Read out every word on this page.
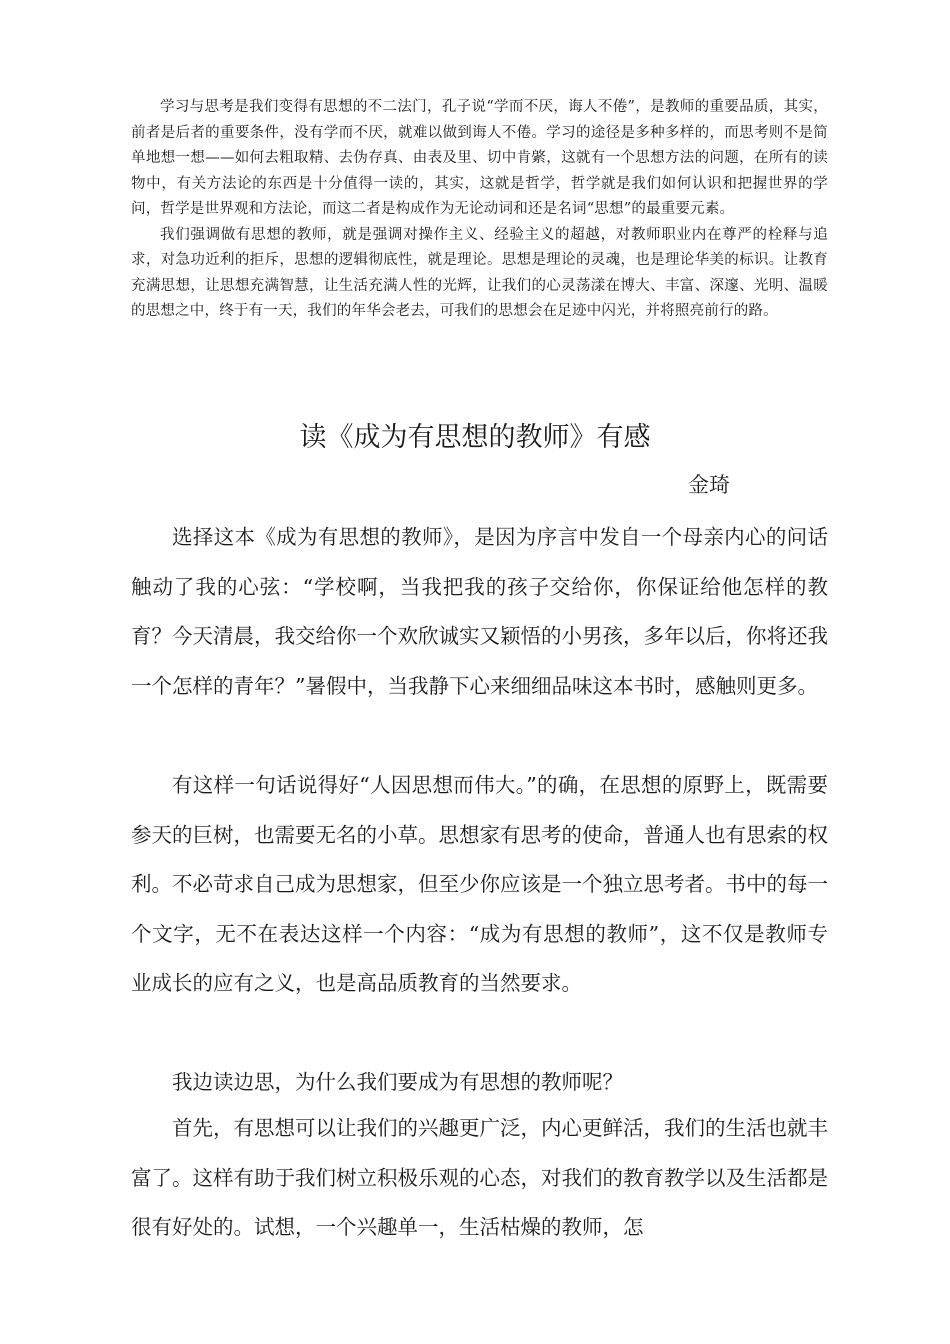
学习与思考是我们变得有思想的不二法门，孔子说“学而不厌，诲人不倦”，是教师的重要品质，其实，前者是后者的重要条件，没有学而不厌，就难以做到诲人不倦。学习的途径是多种多样的，而思考则不是简单地想一想——如何去粗取精、去伪存真、由表及里、切中肯綮，这就有一个思想方法的问题，在所有的读物中，有关方法论的东西是十分值得一读的，其实，这就是哲学，哲学就是我们如何认识和把握世界的学问，哲学是世界观和方法论，而这二者是构成作为无论动词和还是名词“思想”的最重要元素。

我们强调做有思想的教师，就是强调对操作主义、经验主义的超越，对教师职业内在尊严的栓释与追求，对急功近利的拒斥，思想的逻辑彻底性，就是理论。思想是理论的灵魂，也是理论华美的标识。让教育充满思想，让思想充满智慧，让生活充满人性的光辉，让我们的心灵荡漾在博大、丰富、深邃、光明、温暖的思想之中，终于有一天，我们的年华会老去，可我们的思想会在足迹中闪光，并将照亮前行的路。

读《成为有思想的教师》有感

金琦

选择这本《成为有思想的教师》，是因为序言中发自一个母亲内心的问话触动了我的心弦：“学校啊，当我把我的孩子交给你，你保证给他怎样的教育？今天清晨，我交给你一个欢欣诚实又颖悟的小男孩，多年以后，你将还我一个怎样的青年？”暑假中，当我静下心来细细品味这本书时，感触则更多。

有这样一句话说得好“人因思想而伟大。”的确，在思想的原野上，既需要参天的巨树，也需要无名的小草。思想家有思考的使命，普通人也有思索的权利。不必苛求自己成为思想家，但至少你应该是一个独立思考者。书中的每一个文字，无不在表达这样一个内容：“成为有思想的教师”，这不仅是教师专业成长的应有之义，也是高品质教育的当然要求。

我边读边思，为什么我们要成为有思想的教师呢？

首先，有思想可以让我们的兴趣更广泛，内心更鲜活，我们的生活也就丰富了。这样有助于我们树立积极乐观的心态，对我们的教育教学以及生活都是很有好处的。试想，一个兴趣单一，生活枯燥的教师，怎
